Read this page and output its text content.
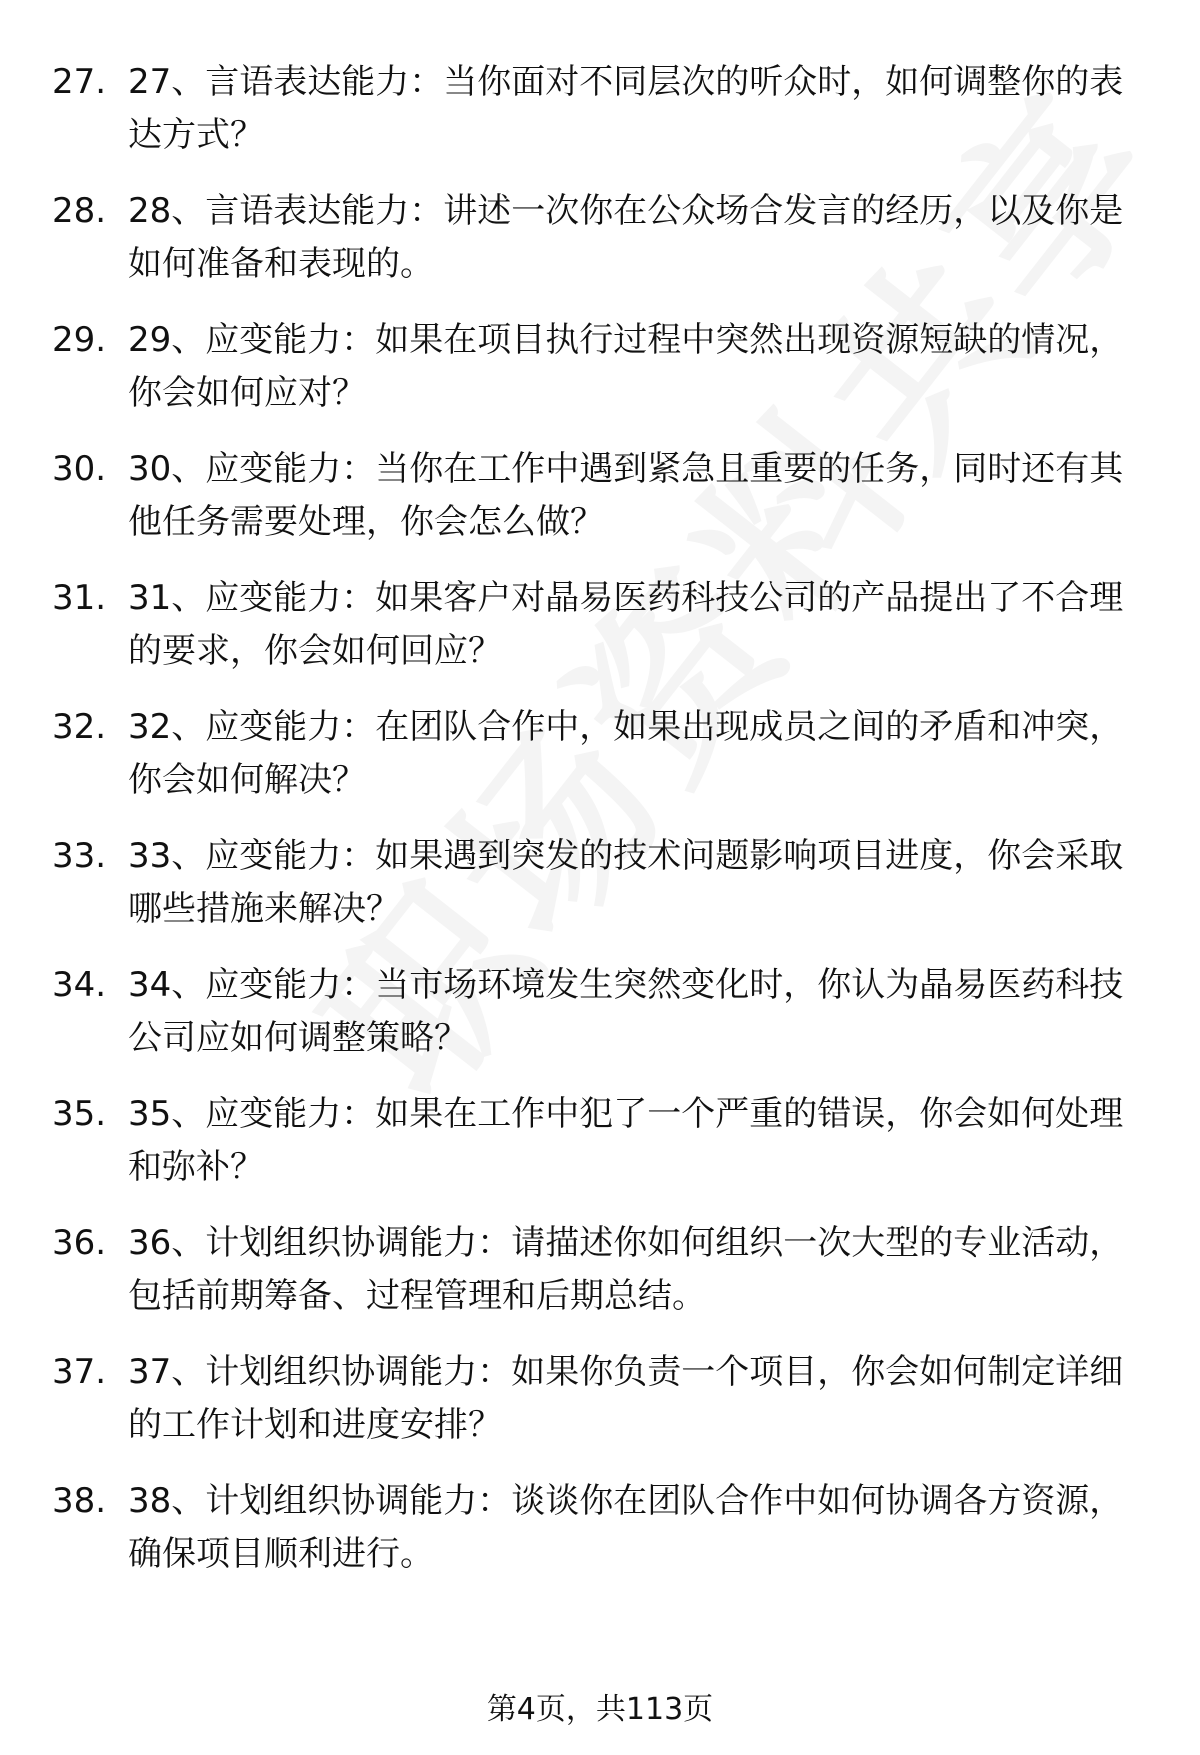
27. 27、言语表达能力：当你面对不同层次的听众时，如何调整你的表达方式？
28. 28、言语表达能力：讲述一次你在公众场合发言的经历，以及你是如何准备和表现的。
29. 29、应变能力：如果在项目执行过程中突然出现资源短缺的情况，你会如何应对？
30. 30、应变能力：当你在工作中遇到紧急且重要的任务，同时还有其他任务需要处理，你会怎么做？
31. 31、应变能力：如果客户对晶易医药科技公司的产品提出了不合理的要求，你会如何回应？
32. 32、应变能力：在团队合作中，如果出现成员之间的矛盾和冲突，你会如何解决？
33. 33、应变能力：如果遇到突发的技术问题影响项目进度，你会采取哪些措施来解决？
34. 34、应变能力：当市场环境发生突然变化时，你认为晶易医药科技公司应如何调整策略？
35. 35、应变能力：如果在工作中犯了一个严重的错误，你会如何处理和弥补？
36. 36、计划组织协调能力：请描述你如何组织一次大型的专业活动，包括前期筹备、过程管理和后期总结。
37. 37、计划组织协调能力：如果你负责一个项目，你会如何制定详细的工作计划和进度安排？
38. 38、计划组织协调能力：谈谈你在团队合作中如何协调各方资源，确保项目顺利进行。
第4页，共113页
